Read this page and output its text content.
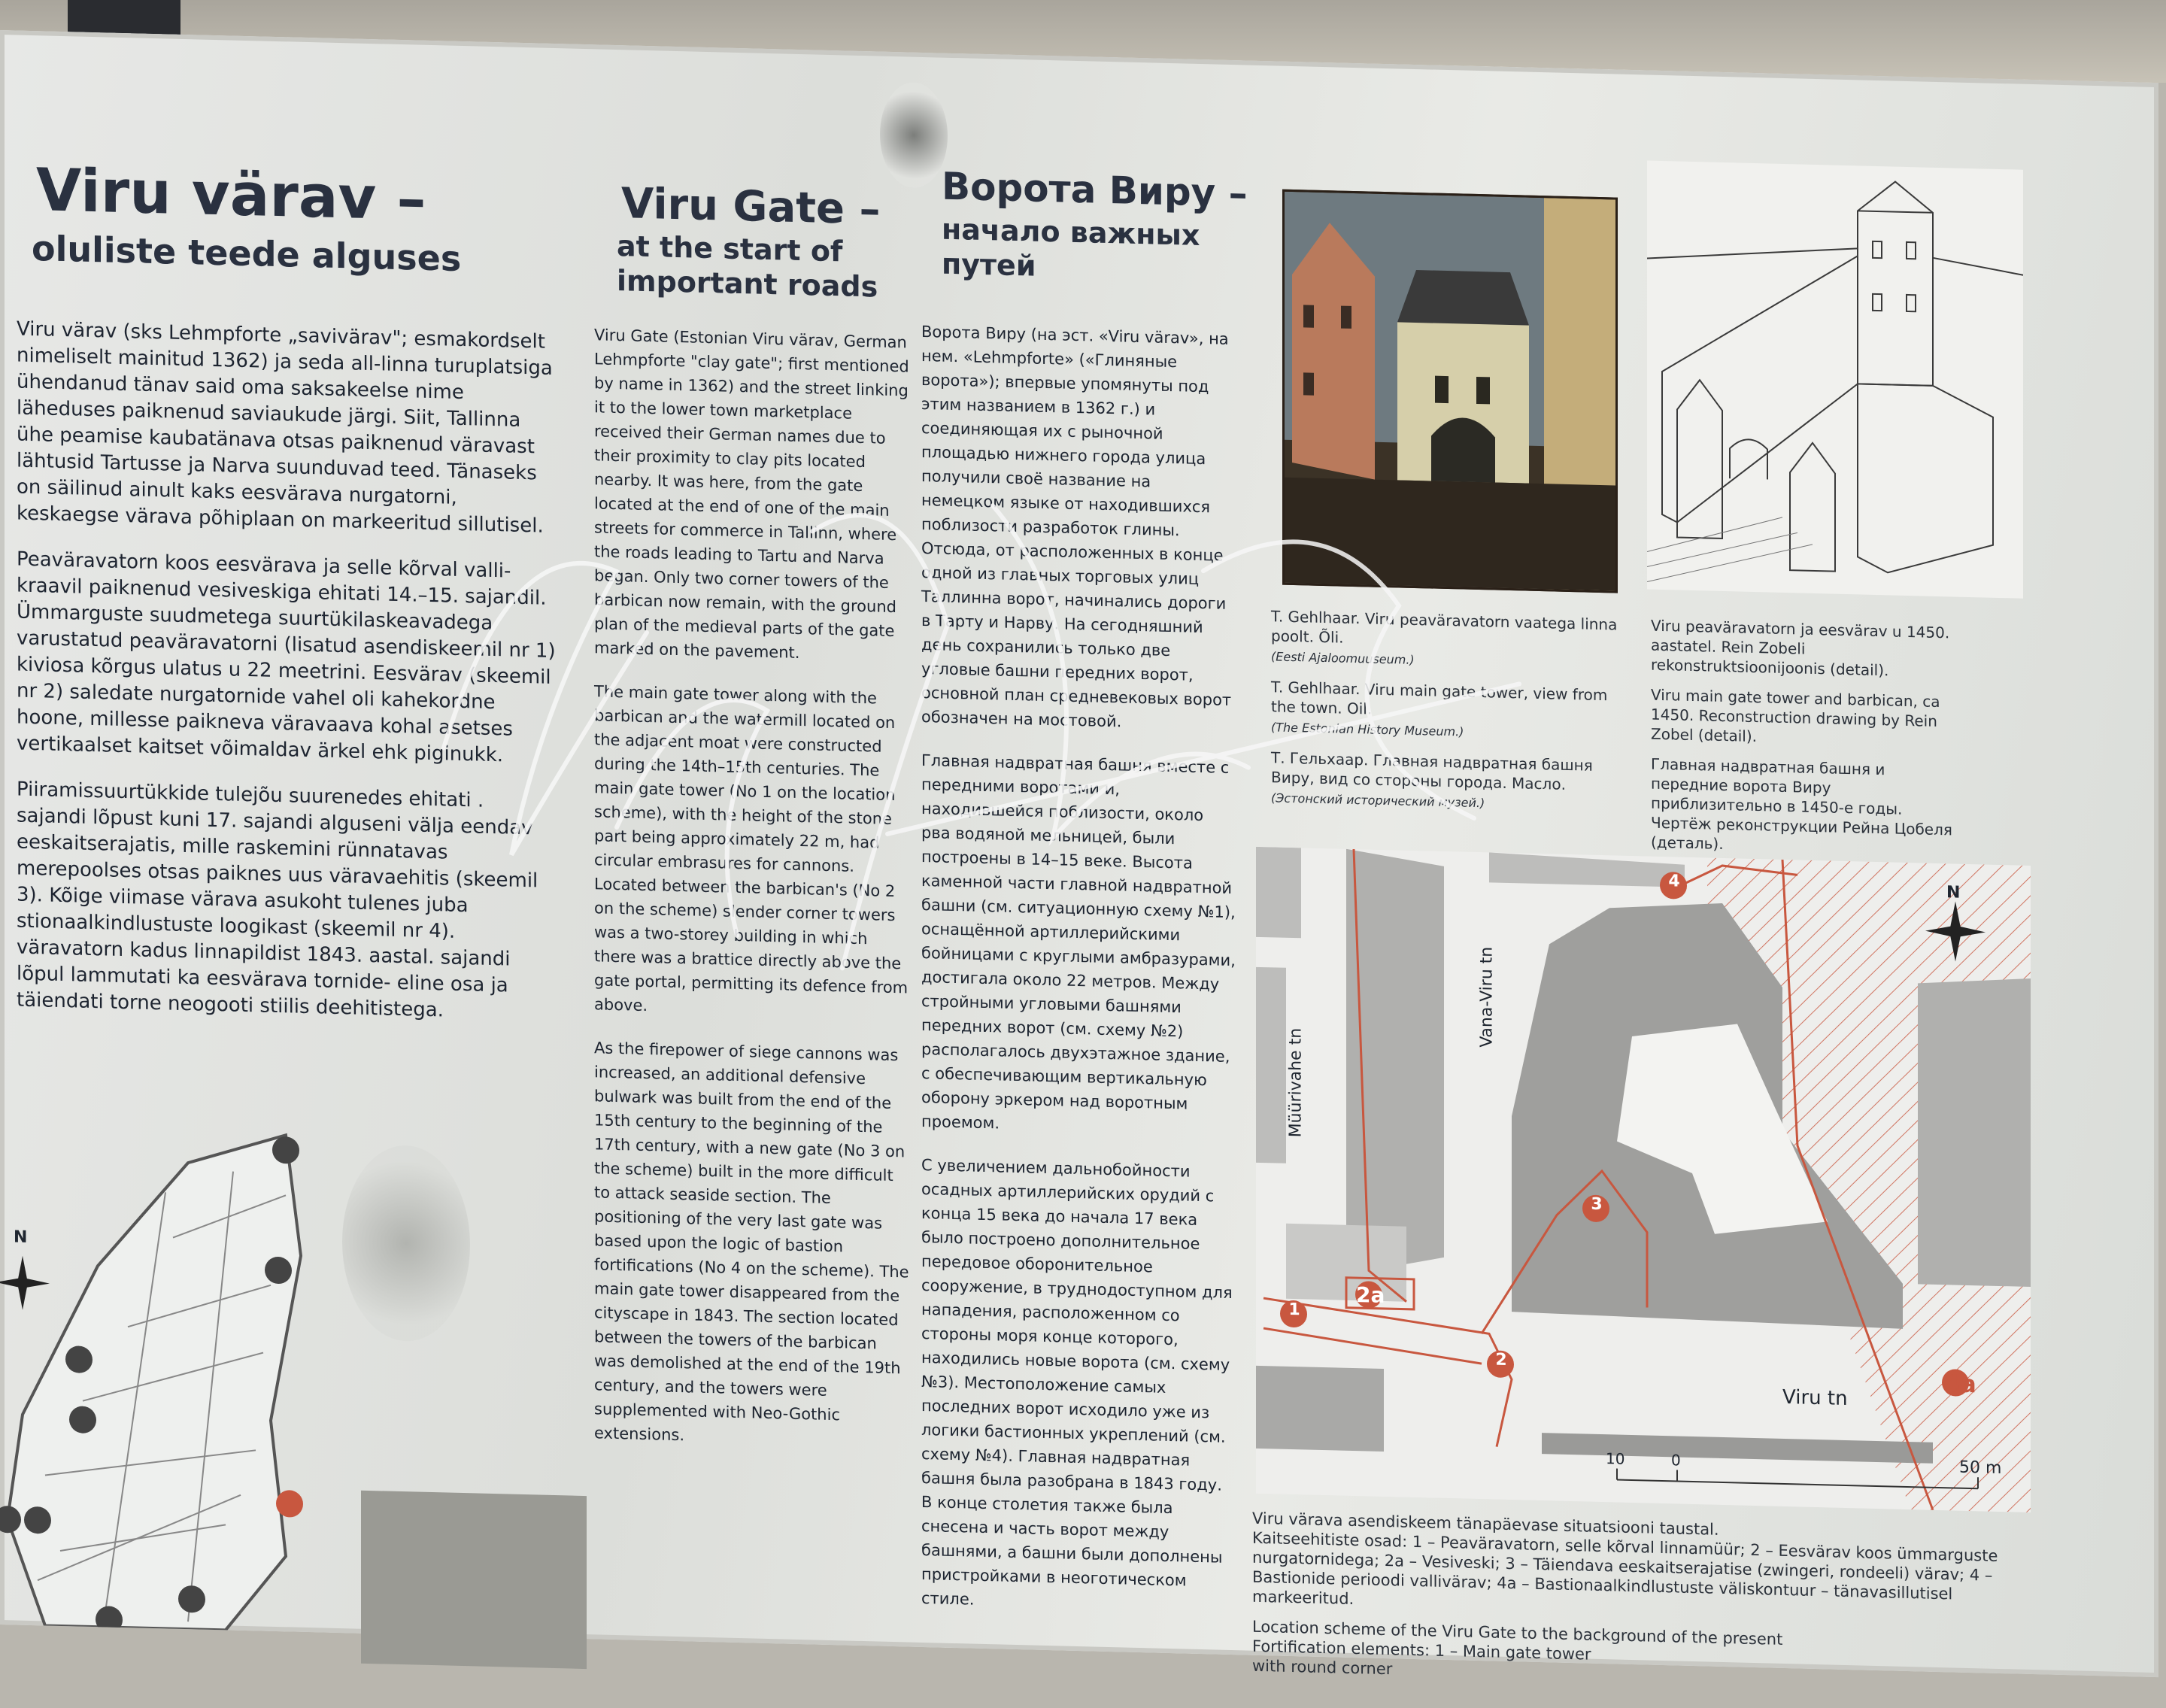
Viru värav –
oluliste teede alguses

Viru värav (sks Lehmpforte „savivärav"; esmakordselt nimeliselt mainitud 1362) ja seda all-linna turuplatsiga ühendanud tänav said oma saksakeelse nime läheduses paiknenud saviaukude järgi. Siit, Tallinna ühe peamise kaubatänava otsas paiknenud väravast lähtusid Tartusse ja Narva suunduvad teed. Tänaseks on säilinud ainult kaks eesvärava nurgatorni, keskaegse värava põhiplaan on markeeritud sillutisel.

Peaväravatorn koos eesvärava ja selle kõrval valli- kraavil paiknenud vesiveskiga ehitati 14.–15. sajandil. Ümmarguste suudmetega suurtükilaskeavadega varustatud peaväravatorni (lisatud asendiskeemil nr 1) kiviosa kõrgus ulatus u 22 meetrini. Eesvärav (skeemil nr 2) saledate nurgatornide vahel oli kahekordne hoone, millesse paikneva väravaava kohal asetses vertikaalset kaitset võimaldav ärkel ehk piginukk.

Piiramissuurtükkide tulejõu suurenedes ehitati . sajandi lõpust kuni 17. sajandi alguseni välja eendav eeskaitserajatis, mille raskemini rünnatavas merepoolses otsas paiknes uus väravaehitis (skeemil 3). Kõige viimase värava asukoht tulenes juba stionaalkindlustuste loogikast (skeemil nr 4). väravatorn kadus linnapildist 1843. aastal. sajandi lõpul lammutati ka eesvärava tornide- eline osa ja täiendati torne neogooti stiilis deehitistega.

Viru Gate –
at the start of important roads

Viru Gate (Estonian Viru värav, German Lehmpforte "clay gate"; first mentioned by name in 1362) and the street linking it to the lower town marketplace received their German names due to their proximity to clay pits located nearby. It was here, from the gate located at the end of one of the main streets for commerce in Tallinn, where the roads leading to Tartu and Narva began. Only two corner towers of the barbican now remain, with the ground plan of the medieval parts of the gate marked on the pavement.

The main gate tower along with the barbican and the watermill located on the adjacent moat were constructed during the 14th–15th centuries. The main gate tower (No 1 on the location scheme), with the height of the stone part being approximately 22 m, had circular embrasures for cannons. Located between the barbican's (No 2 on the scheme) slender corner towers was a two-storey building in which there was a brattice directly above the gate portal, permitting its defence from above.

As the firepower of siege cannons was increased, an additional defensive bulwark was built from the end of the 15th century to the beginning of the 17th century, with a new gate (No 3 on the scheme) built in the more difficult to attack seaside section. The positioning of the very last gate was based upon the logic of bastion fortifications (No 4 on the scheme). The main gate tower disappeared from the cityscape in 1843. The section located between the towers of the barbican was demolished at the end of the 19th century, and the towers were supplemented with Neo-Gothic extensions.

Ворота Виру –
начало важных путей

Ворота Виру (на эст. «Viru värav», на нем. «Lehmpforte» («Глиняные ворота»); впервые упомянуты под этим названием в 1362 г.) и соединяющая их с рыночной площадью нижнего города улица получили своё название на немецком языке от находившихся поблизости разработок глины. Отсюда, от расположенных в конце одной из главных торговых улиц Таллинна ворот, начинались дороги в Тарту и Нарву. На сегодняшний день сохранились только две угловые башни передних ворот, основной план средневековых ворот обозначен на мостовой.

Главная надвратная башня вместе с передними воротами и, находившейся поблизости, около рва водяной мельницей, были построены в 14–15 веке. Высота каменной части главной надвратной башни (см. ситуационную схему №1), оснащённой артиллерийскими бойницами с круглыми амбразурами, достигала около 22 метров. Между стройными угловыми башнями передних ворот (см. схему №2) располагалось двухэтажное здание, с обеспечивающим вертикальную оборону эркером над воротным проемом.

С увеличением дальнобойности осадных артиллерийских орудий с конца 15 века до начала 17 века было построено дополнительное передовое оборонительное сооружение, в труднодоступном для нападения, расположенном со стороны моря конце которого, находились новые ворота (см. схему №3). Местоположение самых последних ворот исходило уже из логики бастионных укреплений (см. схему №4). Главная надвратная башня была разобрана в 1843 году. В конце столетия также была снесена и часть ворот между башнями, а башни были дополнены пристройками в неоготическом стиле.

T. Gehlhaar. Viru peaväravatorn vaatega linna poolt. Õli.
(Eesti Ajaloomuuseum.)

T. Gehlhaar. Viru main gate tower, view from the town. Oil.
(The Estonian History Museum.)

Т. Гельхаар. Главная надвратная башня Виру, вид со стороны города. Масло.
(Эстонский исторический музей.)

Viru peaväravatorn ja eesvärav u 1450. aastatel. Rein Zobeli rekonstruktsioonijoonis (detail).

Viru main gate tower and barbican, ca 1450. Reconstruction drawing by Rein Zobel (detail).

Главная надвратная башня и передние ворота Виру приблизительно в 1450-е годы. Чертёж реконструкции Рейна Цобеля (деталь).

1
2
2a
3
4
4a
Müürivahe tn
Vana-Viru tn
Viru tn
N
10	0	50 m

Viru värava asendiskeem tänapäevase situatsiooni taustal.
Kaitseehitiste osad: 1 – Peaväravatorn, selle kõrval linnamüür; 2 – Eesvärav koos ümmarguste nurgatornidega; 2a – Vesiveski; 3 – Täiendava eeskaitserajatise (zwingeri, rondeeli) värav; 4 – Bastionide perioodi vallivärav; 4a – Bastionaalkindlustuste väliskontuur – tänavasillutisel markeeritud.

Location scheme of the Viru Gate to the background of the present
Fortification elements: 1 – Main gate tower
with round corner

N
